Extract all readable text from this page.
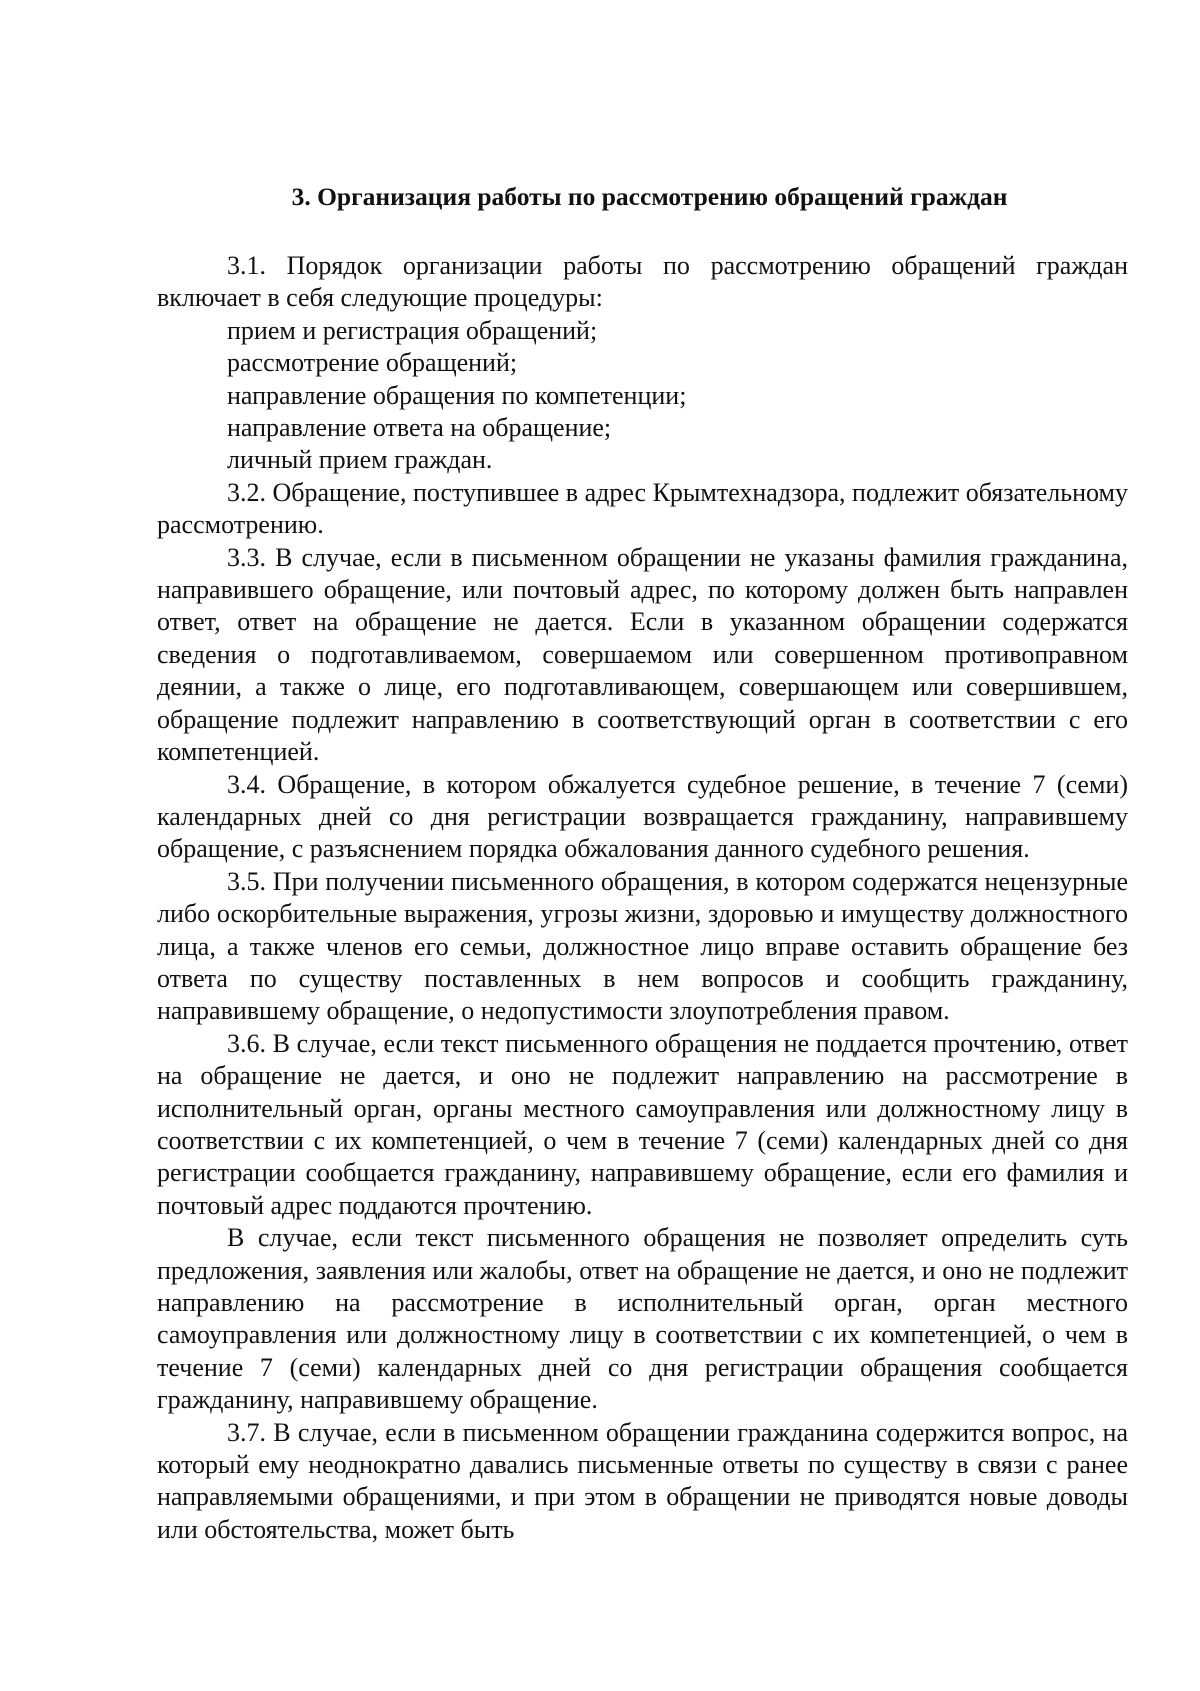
3. Организация работы по рассмотрению обращений граждан

3.1. Порядок организации работы по рассмотрению обращений граждан включает в себя следующие процедуры:

прием и регистрация обращений;

рассмотрение обращений;

направление обращения по компетенции;

направление ответа на обращение;

личный прием граждан.

3.2. Обращение, поступившее в адрес Крымтехнадзора, подлежит обязательному рассмотрению.

3.3. В случае, если в письменном обращении не указаны фамилия гражданина, направившего обращение, или почтовый адрес, по которому должен быть направлен ответ, ответ на обращение не дается. Если в указанном обращении содержатся сведения о подготавливаемом, совершаемом или совершенном противоправном деянии, а также о лице, его подготавливающем, совершающем или совершившем, обращение подлежит направлению в соответствующий орган в соответствии с его компетенцией.

3.4. Обращение, в котором обжалуется судебное решение, в течение 7 (семи) календарных дней со дня регистрации возвращается гражданину, направившему обращение, с разъяснением порядка обжалования данного судебного решения.

3.5. При получении письменного обращения, в котором содержатся нецензурные либо оскорбительные выражения, угрозы жизни, здоровью и имуществу должностного лица, а также членов его семьи, должностное лицо вправе оставить обращение без ответа по существу поставленных в нем вопросов и сообщить гражданину, направившему обращение, о недопустимости злоупотребления правом.

3.6. В случае, если текст письменного обращения не поддается прочтению, ответ на обращение не дается, и оно не подлежит направлению на рассмотрение в исполнительный орган, органы местного самоуправления или должностному лицу в соответствии с их компетенцией, о чем в течение 7 (семи) календарных дней со дня регистрации сообщается гражданину, направившему обращение, если его фамилия и почтовый адрес поддаются прочтению.

В случае, если текст письменного обращения не позволяет определить суть предложения, заявления или жалобы, ответ на обращение не дается, и оно не подлежит направлению на рассмотрение в исполнительный орган, орган местного самоуправления или должностному лицу в соответствии с их компетенцией, о чем в течение 7 (семи) календарных дней со дня регистрации обращения сообщается гражданину, направившему обращение.

3.7. В случае, если в письменном обращении гражданина содержится вопрос, на который ему неоднократно давались письменные ответы по существу в связи с ранее направляемыми обращениями, и при этом в обращении не приводятся новые доводы или обстоятельства, может быть
